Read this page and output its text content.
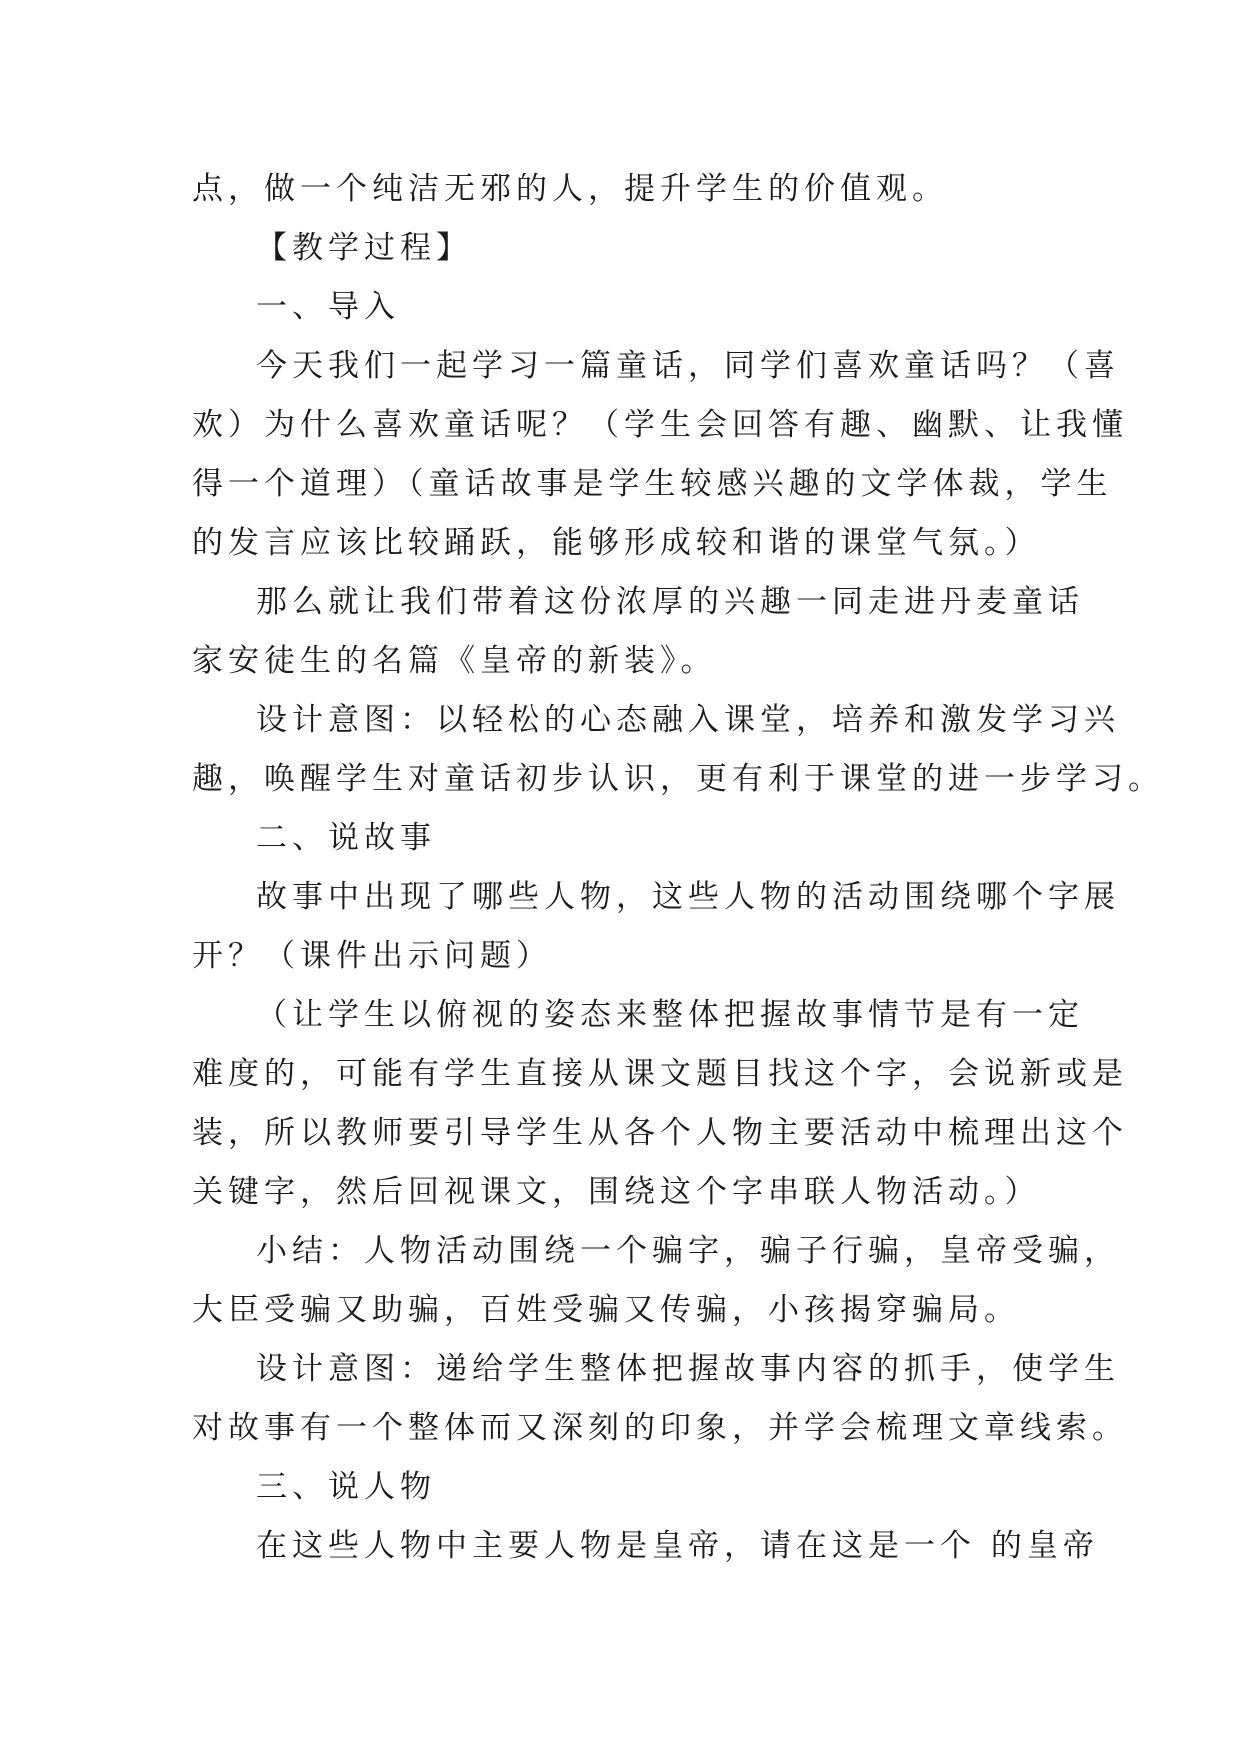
点，做一个纯洁无邪的人，提升学生的价值观。

【教学过程】

一、导入

今天我们一起学习一篇童话，同学们喜欢童话吗？（喜

欢）为什么喜欢童话呢？（学生会回答有趣、幽默、让我懂

得一个道理）（童话故事是学生较感兴趣的文学体裁，学生

的发言应该比较踊跃，能够形成较和谐的课堂气氛。）

那么就让我们带着这份浓厚的兴趣一同走进丹麦童话

家安徒生的名篇《皇帝的新装》。

设计意图：以轻松的心态融入课堂，培养和激发学习兴

趣，唤醒学生对童话初步认识，更有利于课堂的进一步学习。

二、说故事

故事中出现了哪些人物，这些人物的活动围绕哪个字展

开？（课件出示问题）

（让学生以俯视的姿态来整体把握故事情节是有一定

难度的，可能有学生直接从课文题目找这个字，会说新或是

装，所以教师要引导学生从各个人物主要活动中梳理出这个

关键字，然后回视课文，围绕这个字串联人物活动。）

小结：人物活动围绕一个骗字，骗子行骗，皇帝受骗，

大臣受骗又助骗，百姓受骗又传骗，小孩揭穿骗局。

设计意图：递给学生整体把握故事内容的抓手，使学生

对故事有一个整体而又深刻的印象，并学会梳理文章线索。

三、说人物

在这些人物中主要人物是皇帝，请在这是一个 的皇帝
